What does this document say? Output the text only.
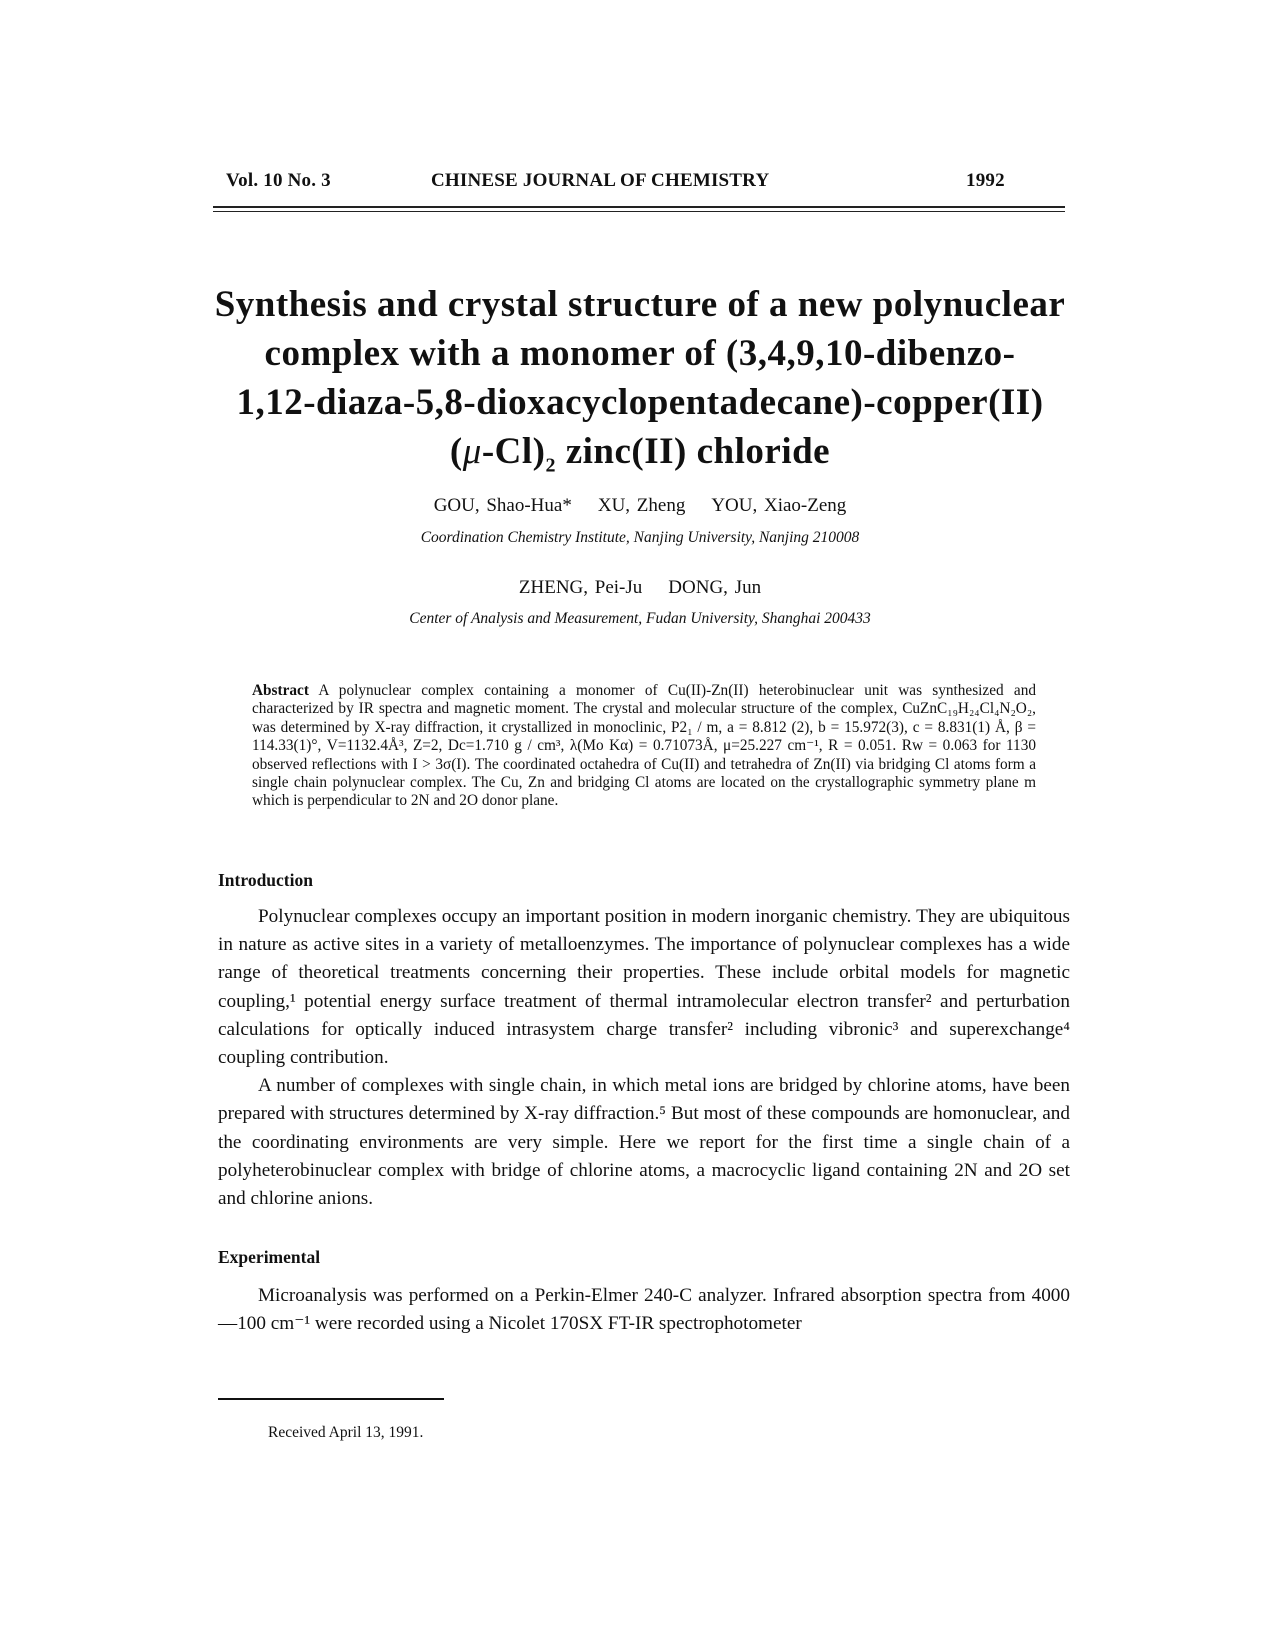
Vol. 10 No. 3	CHINESE JOURNAL OF CHEMISTRY	1992
Synthesis and crystal structure of a new polynuclear
complex with a monomer of (3,4,9,10-dibenzo-
1,12-diaza-5,8-dioxacyclopentadecane)-copper(II)
$(\mu-Cl)_2$ zinc(II) chloride
GOU, Shao-Hua* XU, Zheng YOU, Xiao-Zeng
Coordination Chemistry Institute, Nanjing University, Nanjing 210008
ZHENG, Pei-Ju DONG, Jun
Center of Analysis and Measurement, Fudan University, Shanghai 200433
Abstract A polynuclear complex containing a monomer of Cu(II)-Zn(II) heterobinuclear unit was synthesized and characterized by IR spectra and magnetic moment. The crystal and molecular structure of the complex, CuZnC₁₉H₂₄Cl₄N₂O₂, was determined by X-ray diffraction, it crystallized in monoclinic, P2₁ / m, a = 8.812 (2), b = 15.972(3), c = 8.831(1) Å, β = 114.33(1)°, V=1132.4Å³, Z=2, Dc=1.710 g / cm³, λ(Mo Kα) = 0.71073Å, μ=25.227 cm⁻¹, R = 0.051. Rw = 0.063 for 1130 observed reflections with I > 3σ(I). The coordinated octahedra of Cu(II) and tetrahedra of Zn(II) via bridging Cl atoms form a single chain polynuclear complex. The Cu, Zn and bridging Cl atoms are located on the crystallographic symmetry plane m which is perpendicular to 2N and 2O donor plane.
Introduction

Polynuclear complexes occupy an important position in modern inorganic chemistry. They are ubiquitous in nature as active sites in a variety of metalloenzymes. The importance of polynuclear complexes has a wide range of theoretical treatments concerning their properties. These include orbital models for magnetic coupling,¹ potential energy surface treatment of thermal intramolecular electron transfer² and perturbation calculations for optically induced intrasystem charge transfer² including vibronic³ and superexchange⁴ coupling contribution.

A number of complexes with single chain, in which metal ions are bridged by chlorine atoms, have been prepared with structures determined by X-ray diffraction.⁵ But most of these compounds are homonuclear, and the coordinating environments are very simple. Here we report for the first time a single chain of a polyheterobinuclear complex with bridge of chlorine atoms, a macrocyclic ligand containing 2N and 2O set and chlorine anions.

Experimental

Microanalysis was performed on a Perkin-Elmer 240-C analyzer. Infrared absorption spectra from 4000—100 cm⁻¹ were recorded using a Nicolet 170SX FT-IR spectrophotometer

Received April 13, 1991.
